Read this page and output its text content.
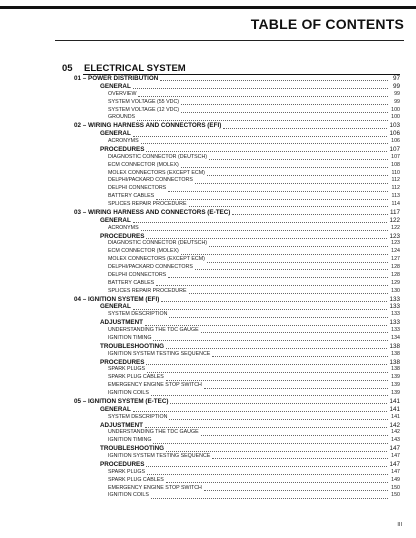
TABLE OF CONTENTS
05 ELECTRICAL SYSTEM
01 – POWER DISTRIBUTION	97
GENERAL	99
OVERVIEW	99
SYSTEM VOLTAGE (55 VDC)	99
SYSTEM VOLTAGE (12 VDC)	100
GROUNDS	100
02 – WIRING HARNESS AND CONNECTORS (EFI)	103
GENERAL	106
ACRONYMS	106
PROCEDURES	107
DIAGNOSTIC CONNECTOR (DEUTSCH)	107
ECM CONNECTOR (MOLEX)	108
MOLEX CONNECTORS (EXCEPT ECM)	110
DELPHI/PACKARD CONNECTORS	112
DELPHI CONNECTORS	112
BATTERY CABLES	113
SPLICES REPAIR PROCEDURE	114
03 – WIRING HARNESS AND CONNECTORS (E-TEC)	117
GENERAL	122
ACRONYMS	122
PROCEDURES	123
DIAGNOSTIC CONNECTOR (DEUTSCH)	123
ECM CONNECTOR (MOLEX)	124
MOLEX CONNECTORS (EXCEPT ECM)	127
DELPHI/PACKARD CONNECTORS	128
DELPHI CONNECTORS	128
BATTERY CABLES	129
SPLICES REPAIR PROCEDURE	130
04 – IGNITION SYSTEM (EFI)	133
GENERAL	133
SYSTEM DESCRIPTION	133
ADJUSTMENT	133
UNDERSTANDING THE TDC GAUGE	133
IGNITION TIMING	134
TROUBLESHOOTING	138
IGNITION SYSTEM TESTING SEQUENCE	138
PROCEDURES	138
SPARK PLUGS	138
SPARK PLUG CABLES	139
EMERGENCY ENGINE STOP SWITCH	139
IGNITION COILS	139
05 – IGNITION SYSTEM (E-TEC)	141
GENERAL	141
SYSTEM DESCRIPTION	141
ADJUSTMENT	142
UNDERSTANDING THE TDC GAUGE	142
IGNITION TIMING	143
TROUBLESHOOTING	147
IGNITION SYSTEM TESTING SEQUENCE	147
PROCEDURES	147
SPARK PLUGS	147
SPARK PLUG CABLES	149
EMERGENCY ENGINE STOP SWITCH	150
IGNITION COILS	150
III
